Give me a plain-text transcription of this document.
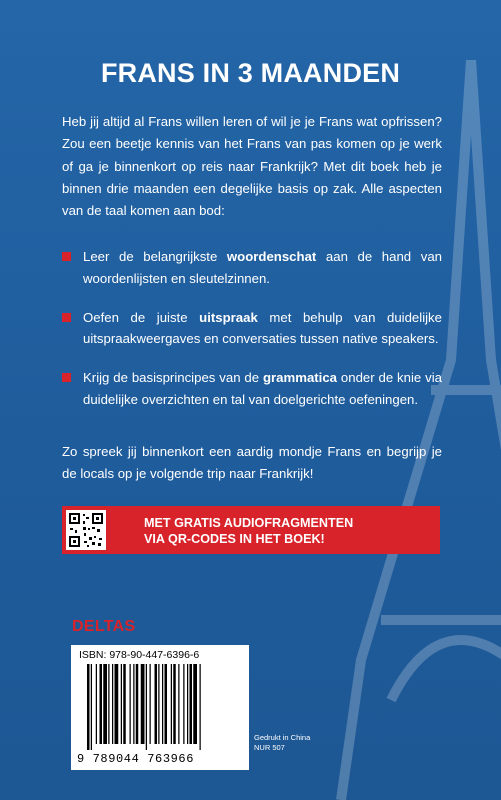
FRANS IN 3 MAANDEN
Heb jij altijd al Frans willen leren of wil je je Frans wat opfrissen? Zou een beetje kennis van het Frans van pas komen op je werk of ga je binnenkort op reis naar Frankrijk? Met dit boek heb je binnen drie maanden een degelijke basis op zak. Alle aspecten van de taal komen aan bod:
Leer de belangrijkste woordenschat aan de hand van woordenlijsten en sleutelzinnen.
Oefen de juiste uitspraak met behulp van duidelijke uitspraakweergaves en conversaties tussen native speakers.
Krijg de basisprincipes van de grammatica onder de knie via duidelijke overzichten en tal van doelgerichte oefeningen.
Zo spreek jij binnenkort een aardig mondje Frans en begrijp je de locals op je volgende trip naar Frankrijk!
MET GRATIS AUDIOFRAGMENTEN
VIA QR-CODES IN HET BOEK!
DELTAS
ISBN: 978-90-447-6396-6
9 789044 763966
Gedrukt in China
NUR 507
